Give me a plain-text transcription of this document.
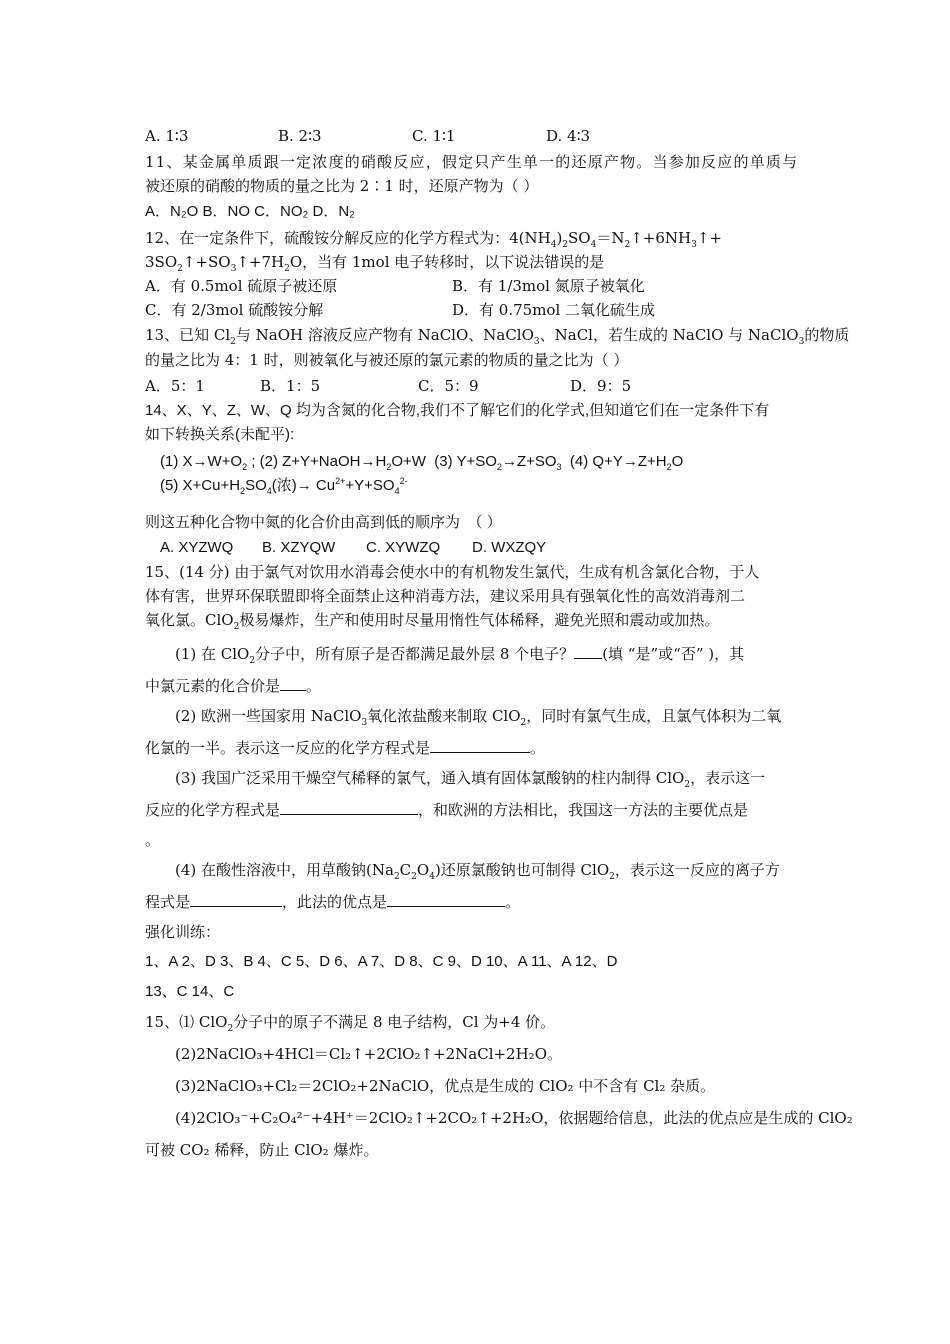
A. 1∶3	B. 2∶3	C. 1∶1	D. 4∶3
11、某金属单质跟一定浓度的硝酸反应，假定只产生单一的还原产物。当参加反应的单质与
被还原的硝酸的物质的量之比为 2∶1 时，还原产物为（ ）
A．N₂O B．NO C．NO₂ D．N₂
12、在一定条件下，硫酸铵分解反应的化学方程式为：$4(NH_4)_2SO_4=N_2↑+6NH_3↑+$
$3SO_2↑+SO_3↑+7H_2O$，当有 1mol 电子转移时，以下说法错误的是
A．有 0.5mol 硫原子被还原	B．有 1/3mol 氮原子被氧化
C．有 2/3mol 硫酸铵分解	D．有 0.75mol 二氧化硫生成
13、已知 $Cl_2$与 NaOH 溶液反应产物有 NaClO、NaClO$_3$、NaCl，若生成的 NaClO 与 NaClO$_3$的物质
的量之比为 4：1 时，则被氧化与被还原的氯元素的物质的量之比为（ ）
A．5：1	B．1：5	C．5：9	D．9：5
14、X、Y、Z、W、Q 均为含氮的化合物,我们不了解它们的化学式,但知道它们在一定条件下有
如下转换关系(未配平):
(1) $X\to W+O_2$ ; (2) $Z+Y+NaOH\to H_2O+W$  (3) $Y+SO_2\to Z+SO_3$  (4) $Q+Y\to Z+H_2O$
(5) $X+Cu+H_2SO_4$(浓)→ $Cu^{2+}+Y+SO_4^{2-}$
则这五种化合物中氮的化合价由高到低的顺序为　（ ）
A. XYZWQ B. XZYQW C. XYWZQ D. WXZQY
15、(14 分) 由于氯气对饮用水消毒会使水中的有机物发生氯代，生成有机含氯化合物，于人
体有害，世界环保联盟即将全面禁止这种消毒方法，建议采用具有强氧化性的高效消毒剂二
氧化氯。ClO$_2$极易爆炸，生产和使用时尽量用惰性气体稀释，避免光照和震动或加热。
(1) 在 ClO$_2$分子中，所有原子是否都满足最外层 8 个电子？ (填 “是”或“否” )，其
中氯元素的化合价是 。
(2) 欧洲一些国家用 NaClO$_3$氧化浓盐酸来制取 ClO$_2$，同时有氯气生成，且氯气体积为二氧
化氯的一半。表示这一反应的化学方程式是	。
(3) 我国广泛采用干燥空气稀释的氯气，通入填有固体氯酸钠的柱内制得 ClO$_2$，表示这一
反应的化学方程式是	，和欧洲的方法相比，我国这一方法的主要优点是
。
(4) 在酸性溶液中，用草酸钠$(Na_2C_2O_4)$还原氯酸钠也可制得 ClO$_2$，表示这一反应的离子方
程式是	，此法的优点是	。
强化训练：
1、A 2、D 3、B 4、C 5、D 6、A 7、D 8、C 9、D 10、A 11、A 12、D
13、C 14、C
15、⑴ ClO$_2$分子中的原子不满足 8 电子结构，Cl 为+4 价。
(2)2NaClO₃+4HCl＝Cl₂↑+2ClO₂↑+2NaCl+2H₂O。
(3)2NaClO₃+Cl₂＝2ClO₂+2NaClO，优点是生成的 ClO₂ 中不含有 Cl₂ 杂质。
(4)2ClO₃⁻+C₂O₄²⁻+4H⁺＝2ClO₂↑+2CO₂↑+2H₂O，依据题给信息，此法的优点应是生成的 ClO₂
可被 CO₂ 稀释，防止 ClO₂ 爆炸。
